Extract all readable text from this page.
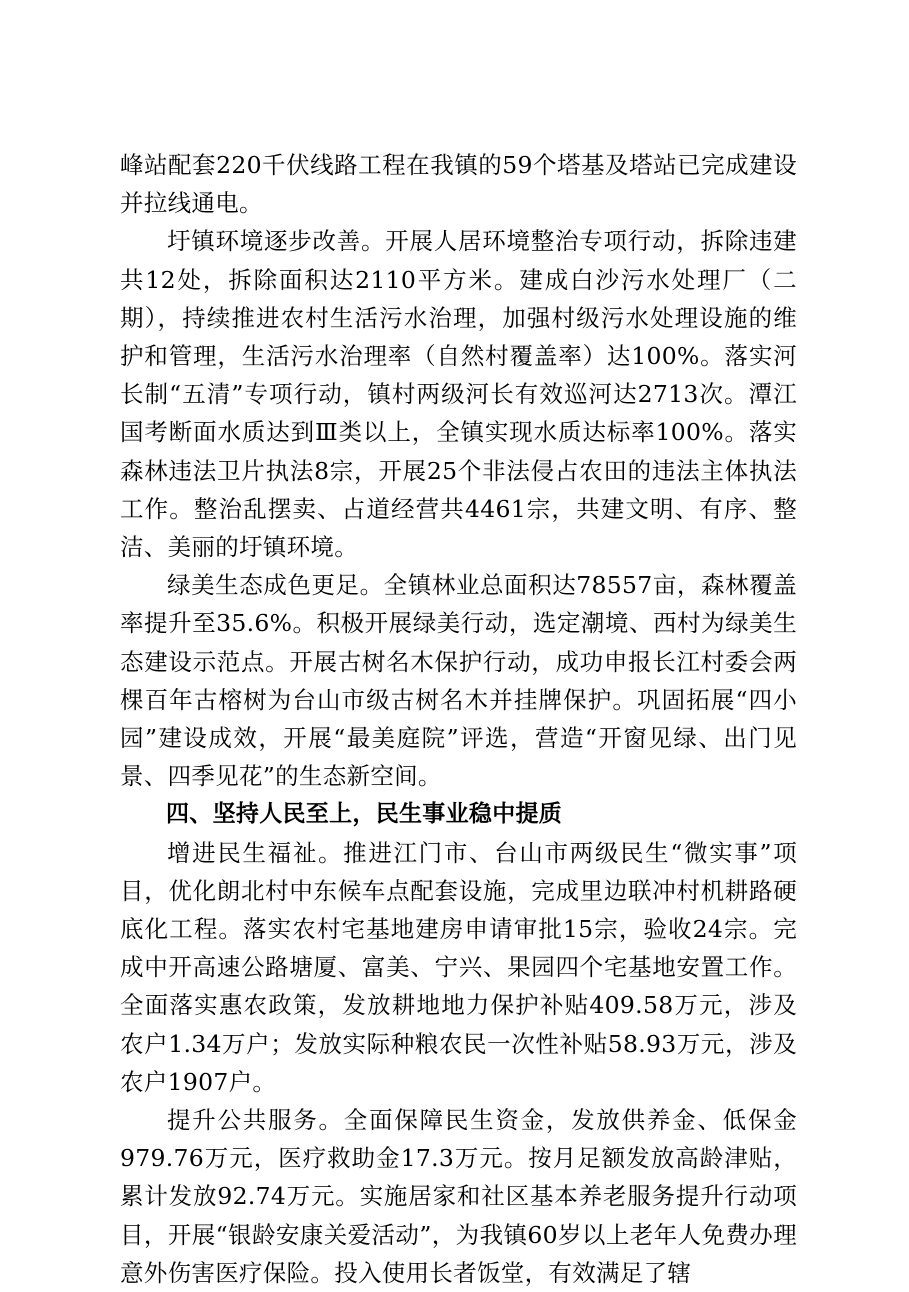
峰站配套220千伏线路工程在我镇的59个塔基及塔站已完成建设并拉线通电。

圩镇环境逐步改善。开展人居环境整治专项行动，拆除违建共12处，拆除面积达2110平方米。建成白沙污水处理厂（二期），持续推进农村生活污水治理，加强村级污水处理设施的维护和管理，生活污水治理率（自然村覆盖率）达100%。落实河长制“五清”专项行动，镇村两级河长有效巡河达2713次。潭江国考断面水质达到Ⅲ类以上，全镇实现水质达标率100%。落实森林违法卫片执法8宗，开展25个非法侵占农田的违法主体执法工作。整治乱摆卖、占道经营共4461宗，共建文明、有序、整洁、美丽的圩镇环境。

绿美生态成色更足。全镇林业总面积达78557亩，森林覆盖率提升至35.6%。积极开展绿美行动，选定潮境、西村为绿美生态建设示范点。开展古树名木保护行动，成功申报长江村委会两棵百年古榕树为台山市级古树名木并挂牌保护。巩固拓展“四小园”建设成效，开展“最美庭院”评选，营造“开窗见绿、出门见景、四季见花”的生态新空间。

四、坚持人民至上，民生事业稳中提质

增进民生福祉。推进江门市、台山市两级民生“微实事”项目，优化朗北村中东候车点配套设施，完成里边联冲村机耕路硬底化工程。落实农村宅基地建房申请审批15宗，验收24宗。完成中开高速公路塘厦、富美、宁兴、果园四个宅基地安置工作。全面落实惠农政策，发放耕地地力保护补贴409.58万元，涉及农户1.34万户；发放实际种粮农民一次性补贴58.93万元，涉及农户1907户。

提升公共服务。全面保障民生资金，发放供养金、低保金979.76万元，医疗救助金17.3万元。按月足额发放高龄津贴，累计发放92.74万元。实施居家和社区基本养老服务提升行动项目，开展“银龄安康关爱活动”，为我镇60岁以上老年人免费办理意外伤害医疗保险。投入使用长者饭堂，有效满足了辖
